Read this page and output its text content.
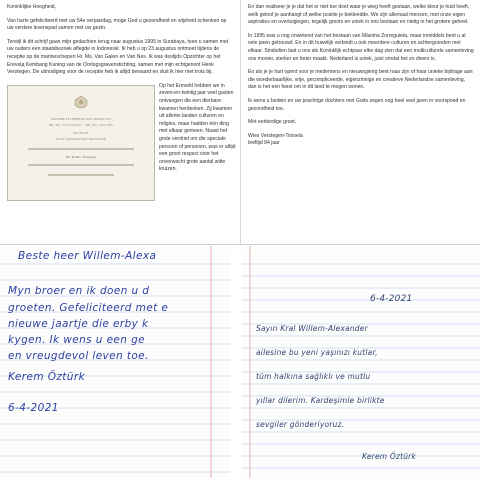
Koninklijke Hoogheid,

Van harte gefeliciteerd met uw 54e verjaardag, moge God u gezondheid en wijsheid schenken op uw verdere levenspad samen met uw gezin.

Terwijl ik dit schrijf gaan mijn gedachten terug naar augustus 1995 in Surabaya, toen u samen met uw ouders een staatsbezoek aflegde in Indonesië. Ik heb u op 23 augustus ontmoet tijdens de receptie op de marineschepen Hr. Ms. Van Galen en Van Nes. Ik was destijds Opzichter op het Erevelд Kembang Kuning van de Oorlogsgravenstichting, samen met mijn echtgenoot Henk Verstegen. De uitnodiging voor de receptie heb ik altijd bewaard en sluit ik hier met trots bij.

OPPERBEVELHEBBER DER ZEEMACHT
HR. MS. VAN GALEN — HR. MS. VAN NES
RECEPTIE
ZIJNE KONINKLIJKE HOOGHEID
Mr. & Mrs. Verstegen
Op het Ereveld hebben we in zeven-en-twintig jaar veel gasten ontvangen die een dierbare kwamen herdenken. Zij kwamen uit allerlei landen culturen en religies, maar hadden één ding met elkaar gemeen. Naast het grote verdriet om die speciale persoon of personen, was er altijd een groot respect voor het onverwacht grote aantal witte kruizen.

En dan realiseer je je dat het er niet toe doet waar je wieg heeft gestaan, welke kleur je huid heeft, welk geloof je aanhangt of welke positie je bekleedde. We zijn allemaal mensen, met onze eigen aspiraties en overtuigingen, tegelijk groots en uniek in ons bestaan en nietig in het grotere geheel.

In 1995 was u nog onwetend van het bestaan van Máxima Zorreguieta, maar inmiddels bent u al vele jaren getrouwd. En in dit huwelijk verbindt u ook meerdere culturen en achtergronden met elkaar. Sindsdien laat u ons als Koninklijk echtpaar elke dag zien dat een multiculturele samenleving ons mooier, sterker en beter maakt. Nederland is uniek, juist omdat het zo divers is.

En als je je hart opent voor je medemens en nieuwsgierig bent naar zijn of haar unieke bijdrage aan die wonderbaarlijke, vrije, gecompliceerde, eigenzinnige en creatieve Nederlandse samenleving, dan is het een feest om in dit land te mogen wonen.

Ik wens u beiden en uw prachtige dochters met Gods zegen nog heel veel jaren in voorspoed en gezondheid toe.

Met eerbiedige groet,

Wies Verstegen-Tinisela

leeftijd 84 jaar

Beste heer Willem-Alexa
Myn broer en ik doen u d
groeten. Gefeliciteerd met e
nieuwe jaartje die erby k
kygen. Ik wens u een ge
en vreugdevol leven toe.
Kerem Öztürk
6-4-2021
6-4-2021
Sayın Kral Willem-Alexander
ailesine bu yeni yaşınızı kutlar,
tüm halkına sağlıklı ve mutlu
yıllar dilerim. Kardeşimle birlikte
sevgiler gönderiyoruz.
Kerem Öztürk
